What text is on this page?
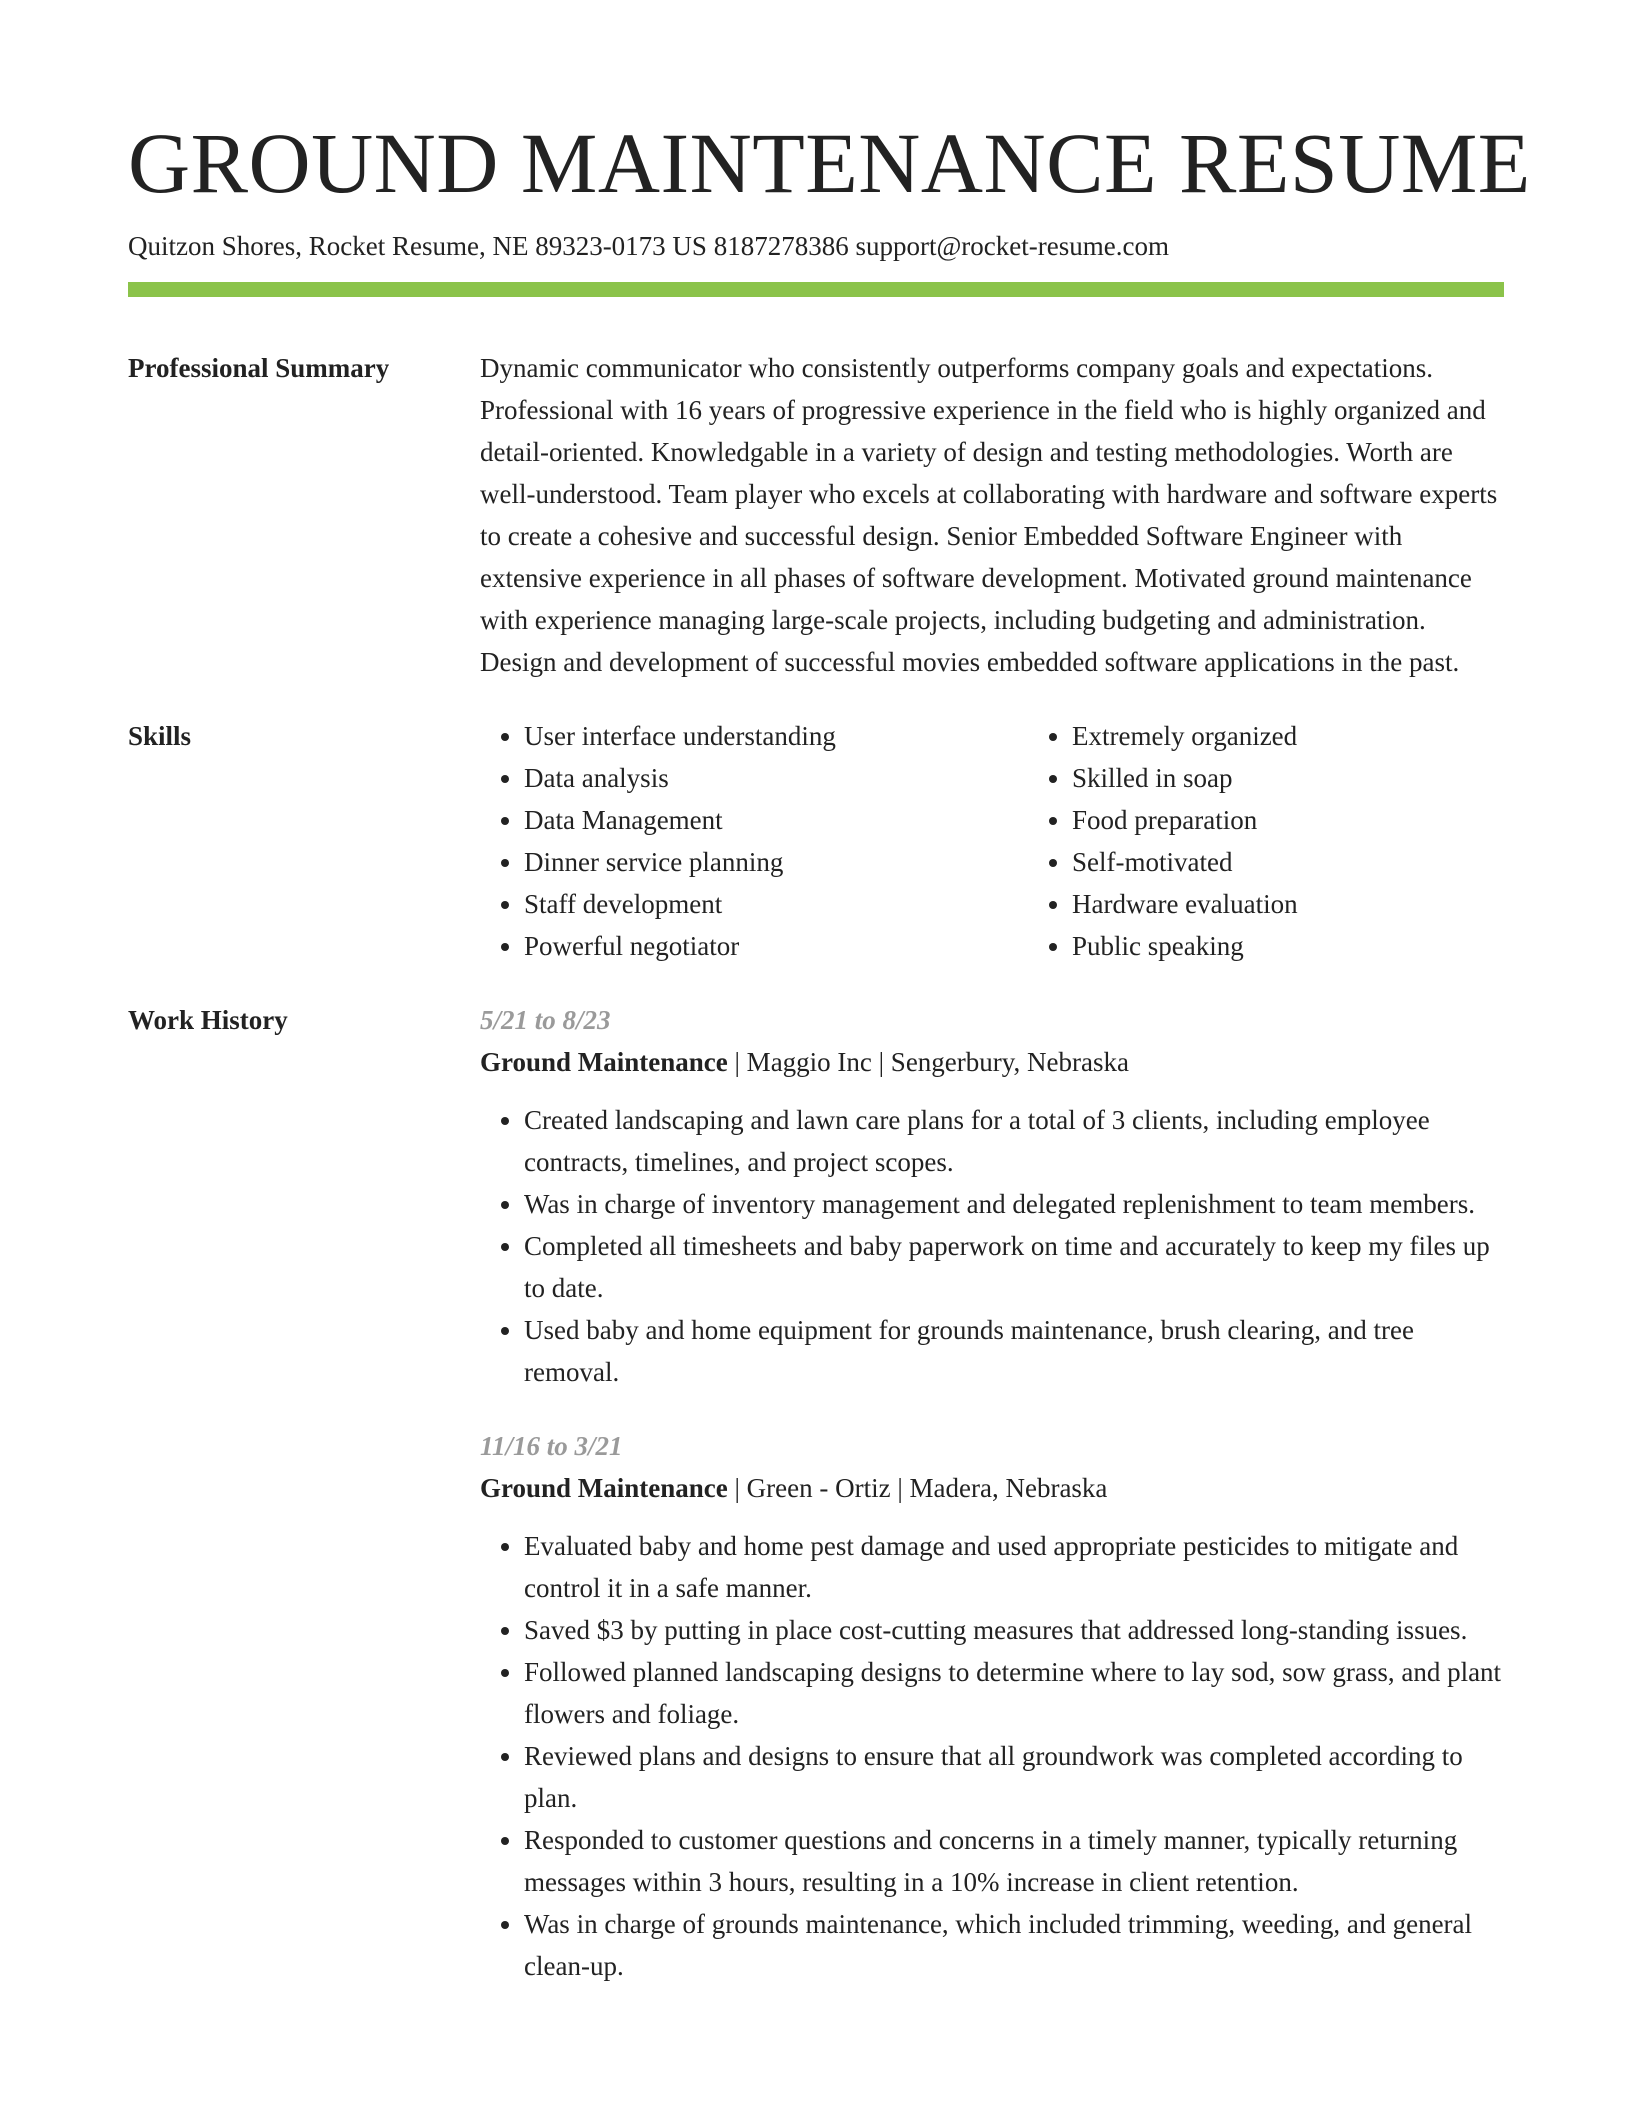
GROUND MAINTENANCE RESUME
Quitzon Shores, Rocket Resume, NE 89323-0173 US 8187278386 support@rocket-resume.com
Professional Summary	Dynamic communicator who consistently outperforms company goals and expectations. Professional with 16 years of progressive experience in the field who is highly organized and detail-oriented. Knowledgable in a variety of design and testing methodologies. Worth are well-understood. Team player who excels at collaborating with hardware and software experts to create a cohesive and successful design. Senior Embedded Software Engineer with extensive experience in all phases of software development. Motivated ground maintenance with experience managing large-scale projects, including budgeting and administration. Design and development of successful movies embedded software applications in the past.

Skills
•	User interface understanding
• Data analysis
• Data Management
• Dinner service planning
• Staff development
• Powerful negotiator
• Extremely organized
• Skilled in soap
• Food preparation
• Self-motivated
• Hardware evaluation
• Public speaking
Work History	5/21 to 8/23
Ground Maintenance | Maggio Inc | Sengerbury, Nebraska
• Created landscaping and lawn care plans for a total of 3 clients, including employee contracts, timelines, and project scopes.
• Was in charge of inventory management and delegated replenishment to team members.
• Completed all timesheets and baby paperwork on time and accurately to keep my files up to date.
• Used baby and home equipment for grounds maintenance, brush clearing, and tree removal.
11/16 to 3/21
Ground Maintenance | Green - Ortiz | Madera, Nebraska
• Evaluated baby and home pest damage and used appropriate pesticides to mitigate and control it in a safe manner.
• Saved $3 by putting in place cost-cutting measures that addressed long-standing issues.
• Followed planned landscaping designs to determine where to lay sod, sow grass, and plant flowers and foliage.
• Reviewed plans and designs to ensure that all groundwork was completed according to plan.
• Responded to customer questions and concerns in a timely manner, typically returning messages within 3 hours, resulting in a 10% increase in client retention.
• Was in charge of grounds maintenance, which included trimming, weeding, and general clean-up.
